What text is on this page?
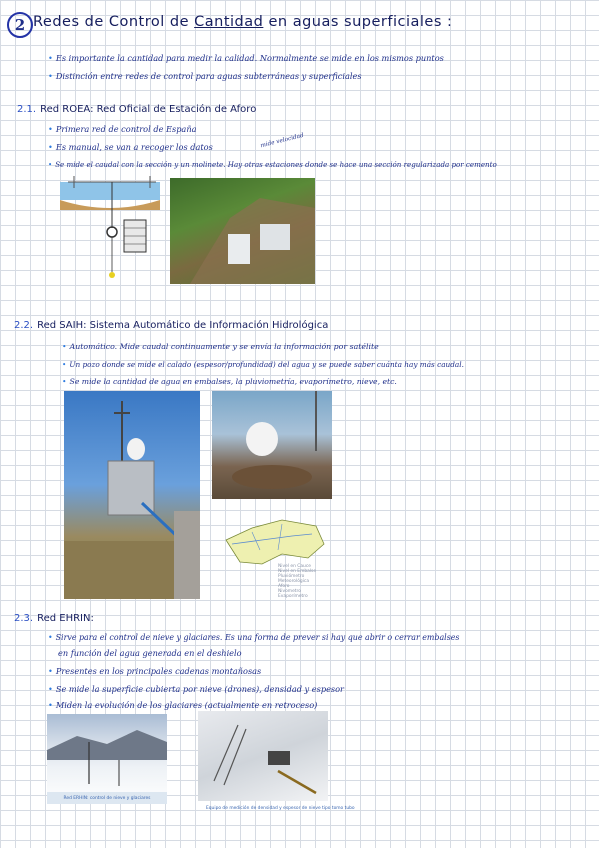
2 Redes de Control de Cantidad en aguas superficiales :
• Es importante la cantidad para medir la calidad. Normalmente se mide en los mismos puntos
• Distinción entre redes de control para aguas subterráneas y superficiales
2.1. Red ROEA: Red Oficial de Estación de Aforo
• Primera red de control de España
• Es manual, se van a recoger los datos	mide velocidad
• Se mide el caudal con la sección y un molinete. Hay otras estaciones donde se hace una sección regularizada por cemento
2.2. Red SAIH: Sistema Automático de Información Hidrológica
• Automático. Mide caudal continuamente y se envía la información por satélite
• Un pozo donde se mide el calado (espesor/profundidad) del agua y se puede saber cuánta hay más caudal.
• Se mide la cantidad de agua en embalses, la pluviometría, evaporímetro, nieve, etc.
Nivel en Cauce
Nivel en Embalse
Pluviómetro
Meteorológica
Aforo
Nivometro
Evaporímetro
2.3. Red EHRIN:
• Sirve para el control de nieve y glaciares. Es una forma de prever si hay que abrir o cerrar embalses
en función del agua generada en el deshielo
• Presentes en los principales cadenas montañosas
• Se mide la superficie cubierta por nieve (drones), densidad y espesor
• Miden la evolución de los glaciares (actualmente en retroceso)
Red ERHIN: control de nieve y glaciares
Equipo de medición de densidad y espesor de nieve tipo tomo tubo
